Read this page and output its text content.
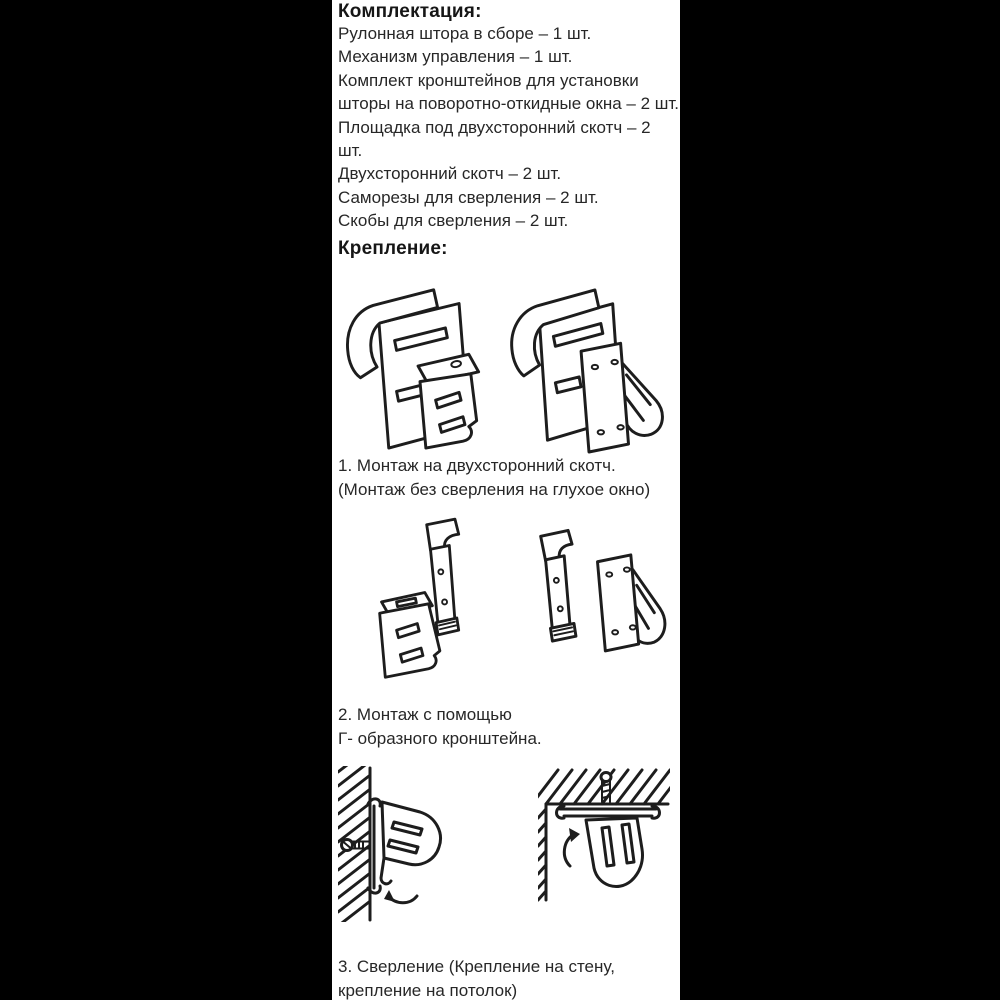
Комплектация:
Рулонная штора в сборе – 1 шт.
Механизм управления – 1 шт.
Комплект кронштейнов для установки шторы на поворотно-откидные окна – 2 шт.
Площадка под двухсторонний скотч – 2 шт.
Двухсторонний скотч – 2 шт.
Саморезы для сверления – 2 шт.
Скобы для сверления – 2 шт.
Крепление:
1. Монтаж на двухсторонний скотч.
(Монтаж без сверления на глухое окно)
2. Монтаж с помощью
Г- образного кронштейна.
3. Сверление (Крепление на стену,
крепление на потолок)
